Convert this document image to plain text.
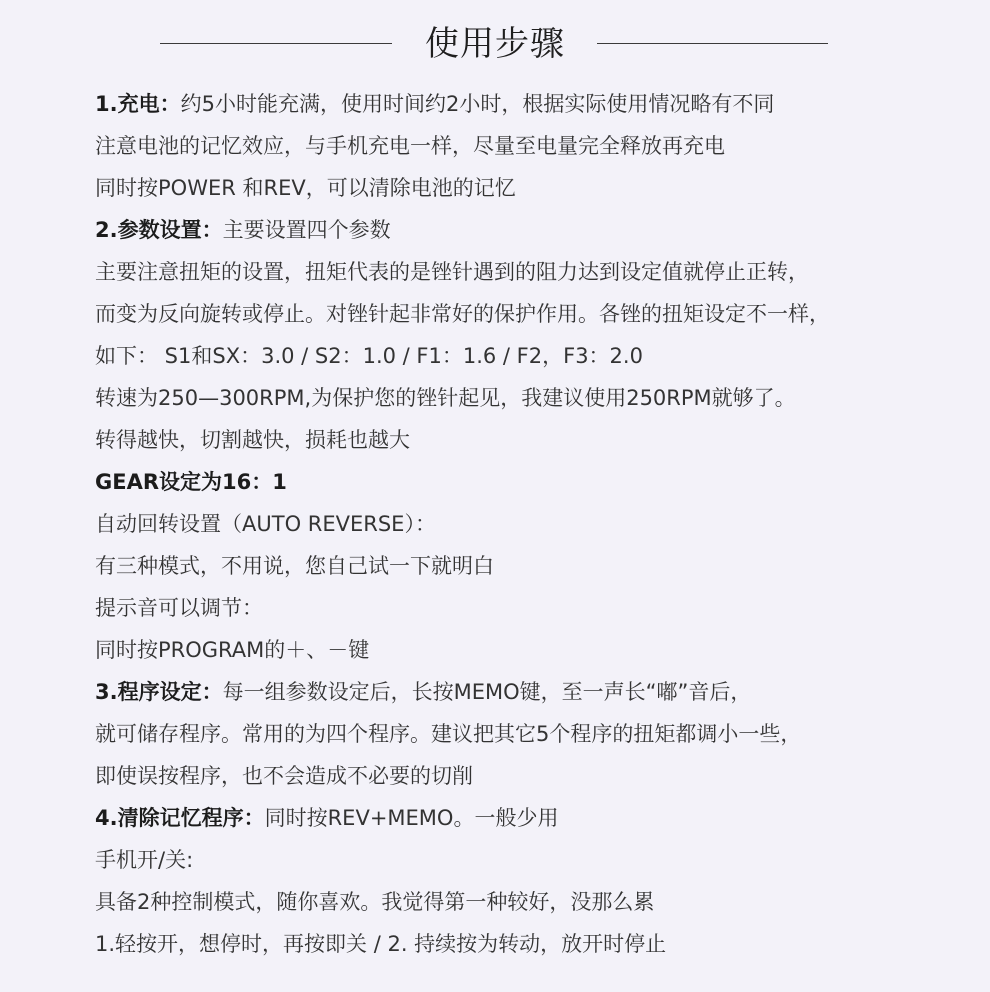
使用步骤
1.充电：约5小时能充满，使用时间约2小时，根据实际使用情况略有不同
注意电池的记忆效应，与手机充电一样，尽量至电量完全释放再充电
同时按POWER 和REV，可以清除电池的记忆
2.参数设置：主要设置四个参数
主要注意扭矩的设置，扭矩代表的是锉针遇到的阻力达到设定值就停止正转，
而变为反向旋转或停止。对锉针起非常好的保护作用。各锉的扭矩设定不一样，
如下： S1和SX：3.0 / S2：1.0 / F1：1.6 / F2，F3：2.0
转速为250—300RPM,为保护您的锉针起见，我建议使用250RPM就够了。
转得越快，切割越快，损耗也越大
GEAR设定为16：1
自动回转设置（AUTO REVERSE）：
有三种模式，不用说，您自己试一下就明白
提示音可以调节：
同时按PROGRAM的＋、－键
3.程序设定：每一组参数设定后，长按MEMO键，至一声长“嘟”音后，
就可储存程序。常用的为四个程序。建议把其它5个程序的扭矩都调小一些，
即使误按程序，也不会造成不必要的切削
4.清除记忆程序：同时按REV+MEMO。一般少用
手机开/关:
具备2种控制模式，随你喜欢。我觉得第一种较好，没那么累
1.轻按开，想停时，再按即关 / 2. 持续按为转动，放开时停止
